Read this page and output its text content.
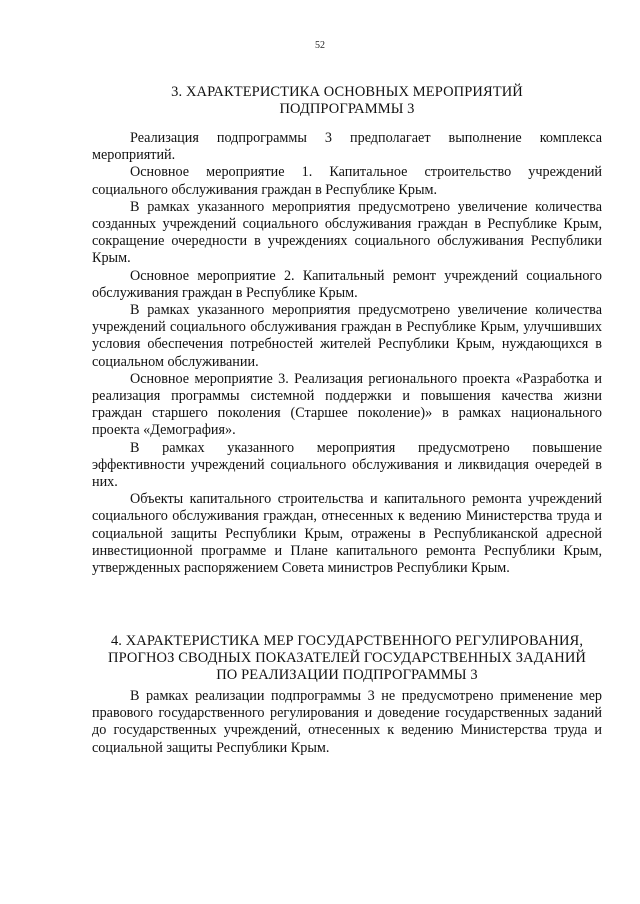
52
3. ХАРАКТЕРИСТИКА ОСНОВНЫХ МЕРОПРИЯТИЙ
ПОДПРОГРАММЫ 3

Реализация подпрограммы 3 предполагает выполнение комплекса мероприятий.

Основное мероприятие 1. Капитальное строительство учреждений социального обслуживания граждан в Республике Крым.

В рамках указанного мероприятия предусмотрено увеличение количества созданных учреждений социального обслуживания граждан в Республике Крым, сокращение очередности в учреждениях социального обслуживания Республики Крым.

Основное мероприятие 2. Капитальный ремонт учреждений социального обслуживания граждан в Республике Крым.

В рамках указанного мероприятия предусмотрено увеличение количества учреждений социального обслуживания граждан в Республике Крым, улучшивших условия обеспечения потребностей жителей Республики Крым, нуждающихся в социальном обслуживании.

Основное мероприятие 3. Реализация регионального проекта «Разработка и реализация программы системной поддержки и повышения качества жизни граждан старшего поколения (Старшее поколение)» в рамках национального проекта «Демография».

В рамках указанного мероприятия предусмотрено повышение эффективности учреждений социального обслуживания и ликвидация очередей в них.

Объекты капитального строительства и капитального ремонта учреждений социального обслуживания граждан, отнесенных к ведению Министерства труда и социальной защиты Республики Крым, отражены в Республиканской адресной инвестиционной программе и Плане капитального ремонта Республики Крым, утвержденных распоряжением Совета министров Республики Крым.

4. ХАРАКТЕРИСТИКА МЕР ГОСУДАРСТВЕННОГО РЕГУЛИРОВАНИЯ,
ПРОГНОЗ СВОДНЫХ ПОКАЗАТЕЛЕЙ ГОСУДАРСТВЕННЫХ ЗАДАНИЙ
ПО РЕАЛИЗАЦИИ ПОДПРОГРАММЫ 3

В рамках реализации подпрограммы 3 не предусмотрено применение мер правового государственного регулирования и доведение государственных заданий до государственных учреждений, отнесенных к ведению Министерства труда и социальной защиты Республики Крым.
